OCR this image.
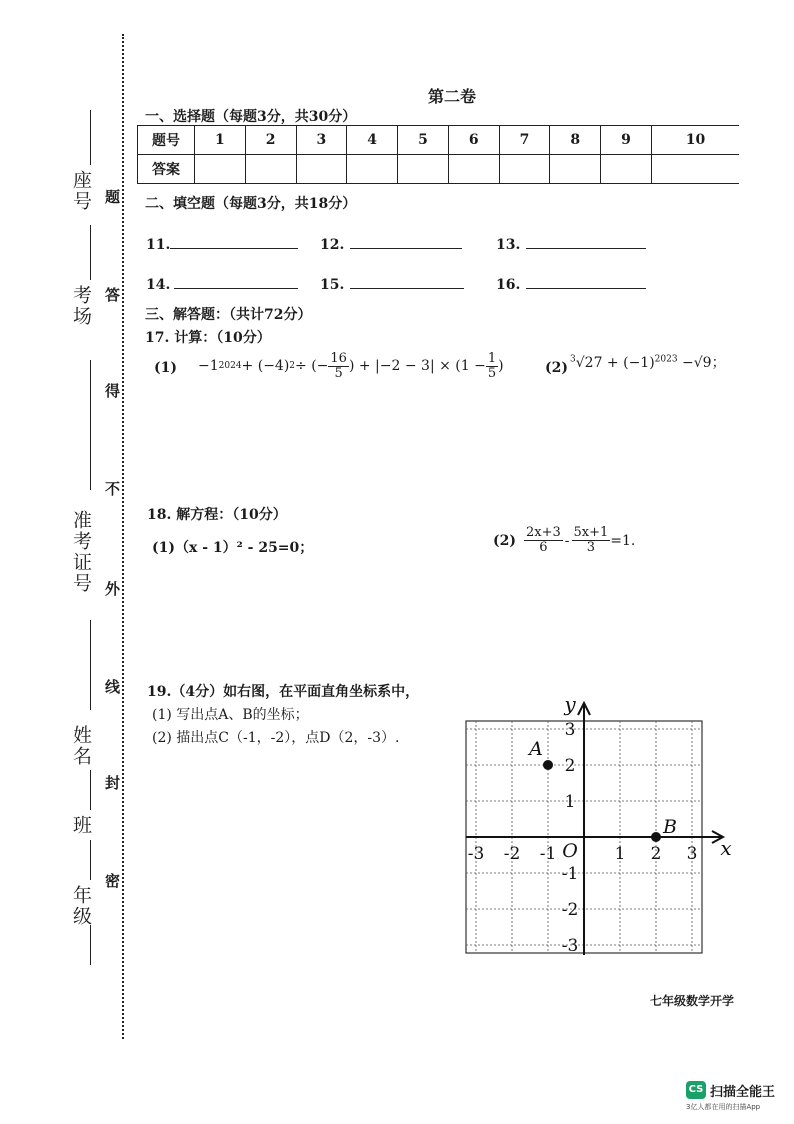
座号
考场
准考证号
姓名
班
年级
题
答
得
不
外
线
封
密
第二卷
一、选择题（每题3分，共30分）
题号	1	2	3	4	5	6	7	8	9	10
答案										
二、填空题（每题3分，共18分）
11.	12.	13.
14.	15.	16.
三、解答题：（共计72分）
17. 计算：（10分）
(1) −1 2024 + (−4) 2 ÷ (− $\frac{16}{5}$ ) + $|-2 - 3| \times (1 - \frac{1}{5}$ )	(2)
$^3√27 + (-1)^{2023} -√9$；
18. 解方程：（10分）
(1)（x - 1）² - 25=0；	$(2) \frac{2x+3}{6} - \frac{5x+1}{3} =1$.
19.（4分）如右图，在平面直角坐标系中，
(1) 写出点A、B的坐标；
(2) 描出点C（-1，-2），点D（2，-3）.
x
y
O
-3 -2 -1	1 2 3
3
2
1
-1
-2
-3
A
B
七年级数学开学
CS 扫描全能王
3亿人都在用的扫描App
